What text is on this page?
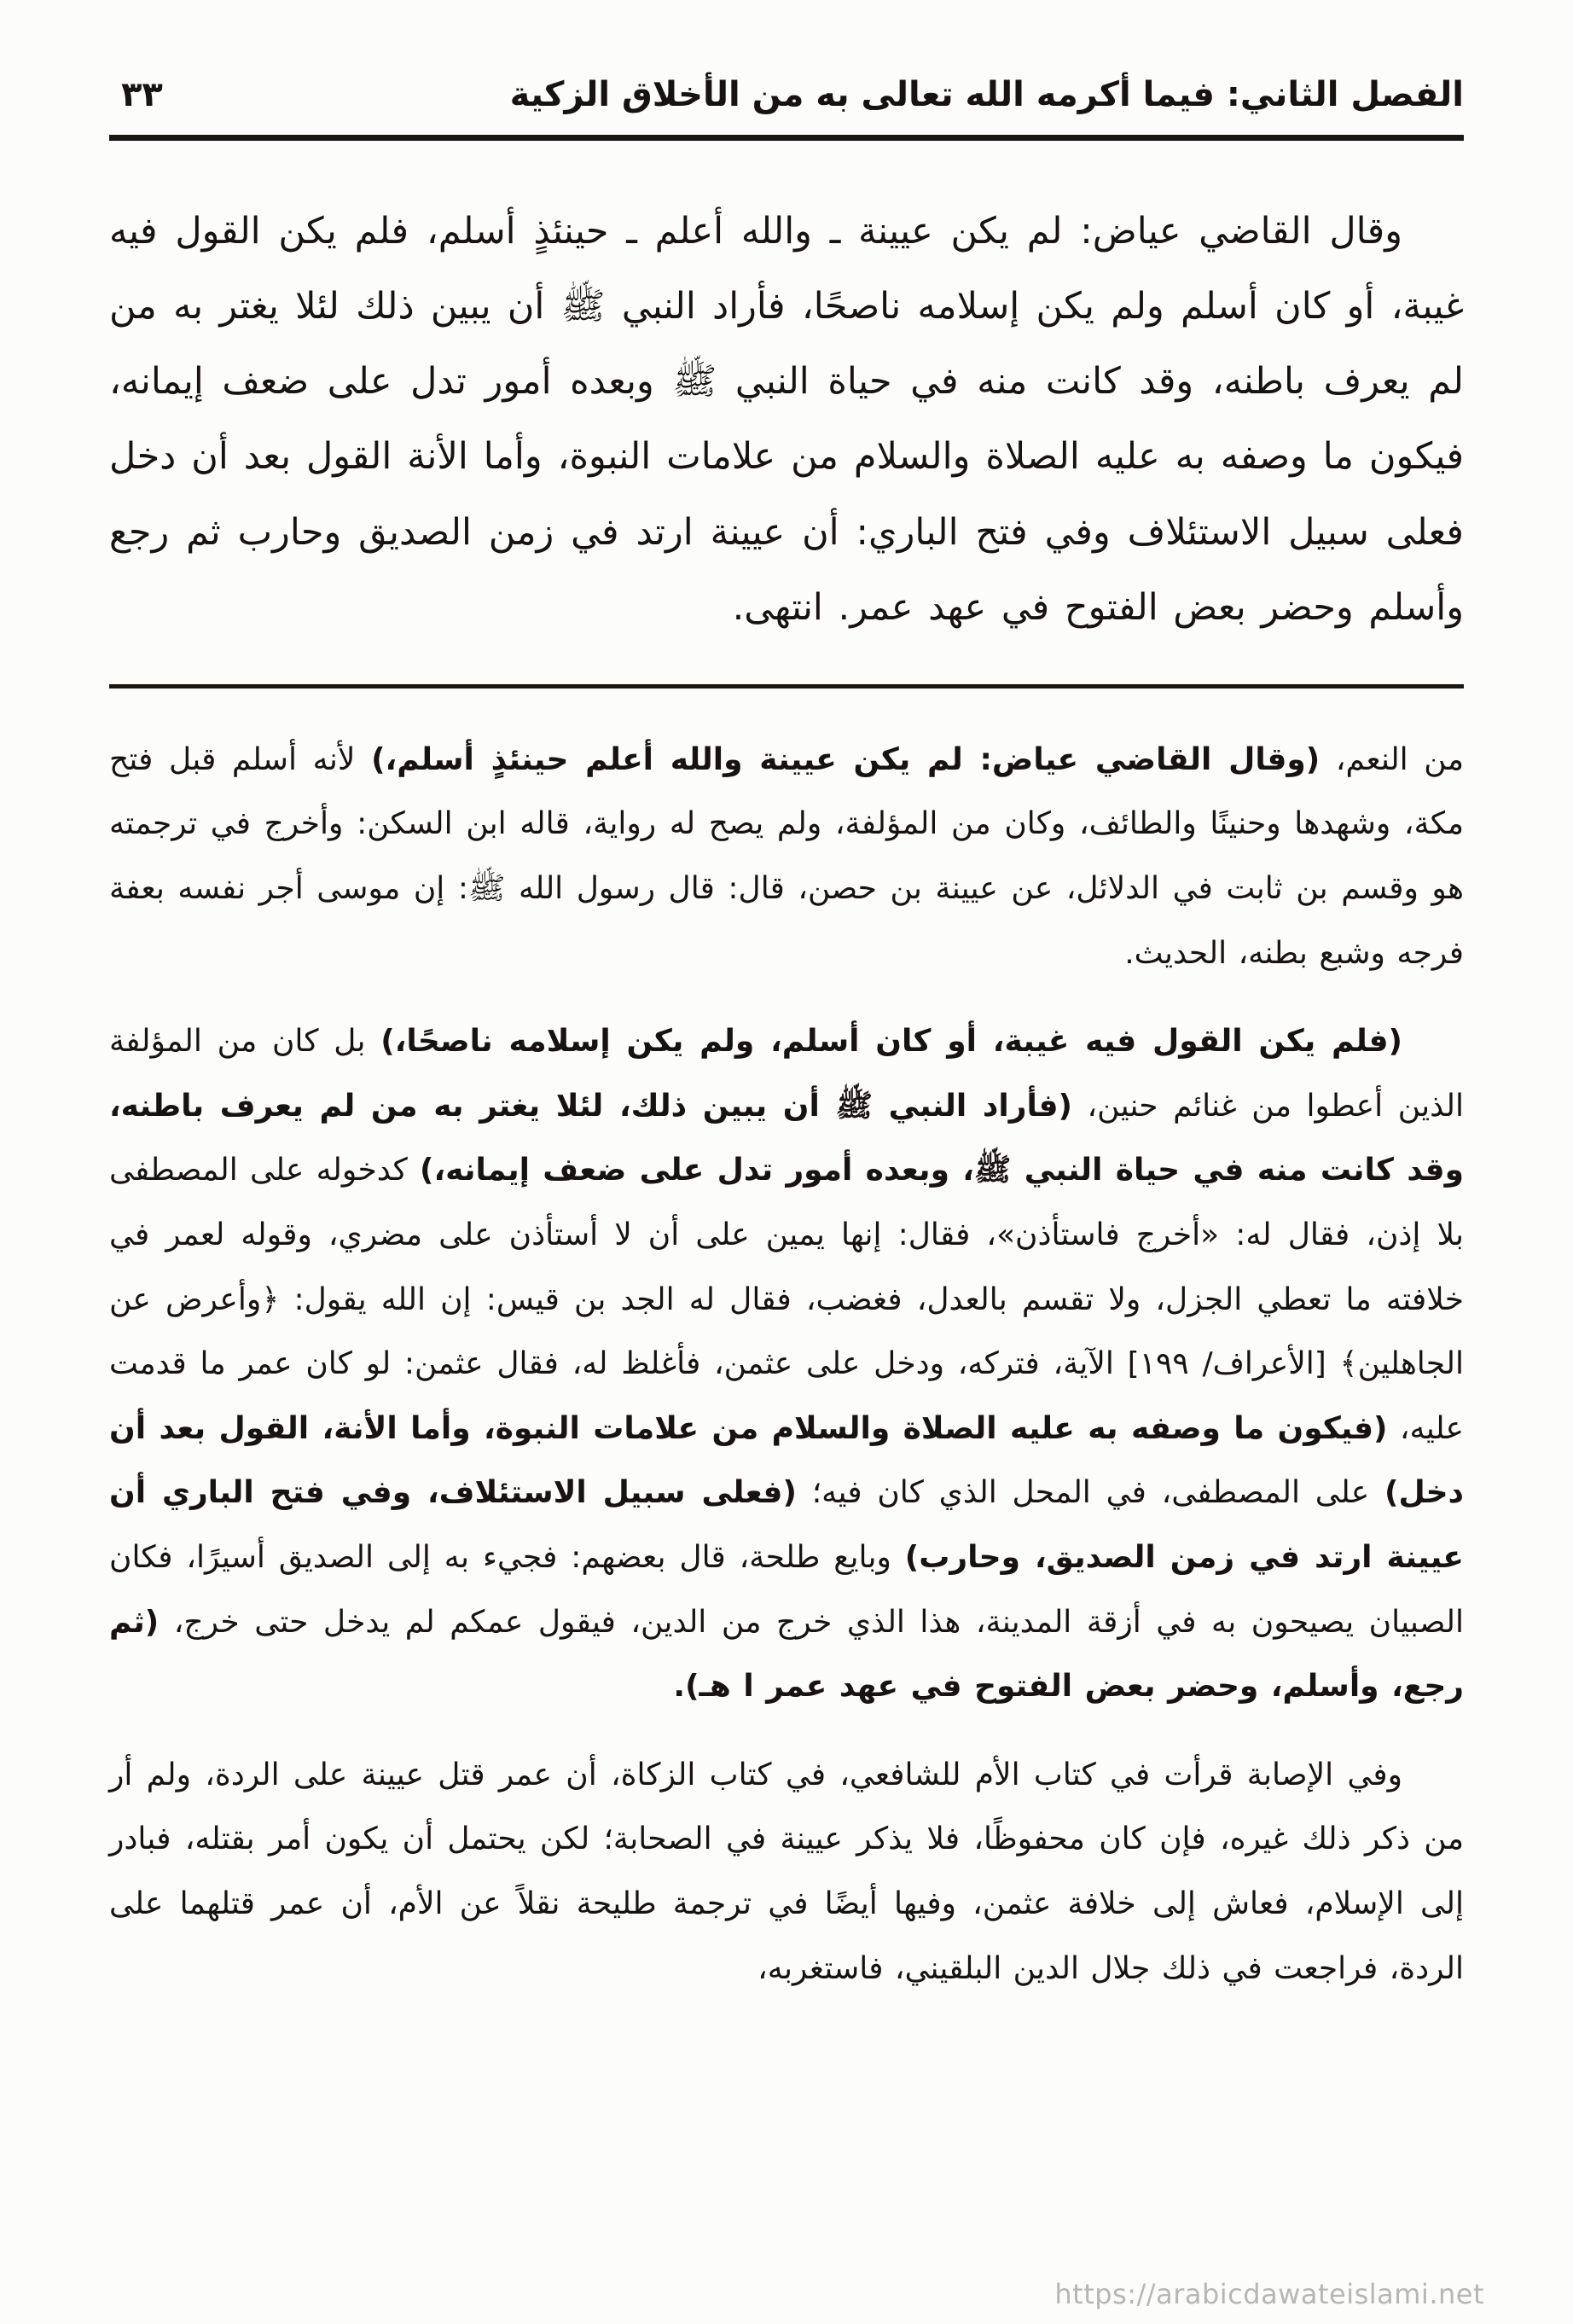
الفصل الثاني: فيما أكرمه الله تعالى به من الأخلاق الزكية
٣٣

وقال القاضي عياض: لم يكن عيينة ـ والله أعلم ـ حينئذٍ أسلم، فلم يكن القول فيه غيبة، أو كان أسلم ولم يكن إسلامه ناصحًا، فأراد النبي ﷺ أن يبين ذلك لئلا يغتر به من لم يعرف باطنه، وقد كانت منه في حياة النبي ﷺ وبعده أمور تدل على ضعف إيمانه، فيكون ما وصفه به عليه الصلاة والسلام من علامات النبوة، وأما الأنة القول بعد أن دخل فعلى سبيل الاستئلاف وفي فتح الباري: أن عيينة ارتد في زمن الصديق وحارب ثم رجع وأسلم وحضر بعض الفتوح في عهد عمر. انتهى.

من النعم، (وقال القاضي عياض: لم يكن عيينة والله أعلم حينئذٍ أسلم،) لأنه أسلم قبل فتح مكة، وشهدها وحنينًا والطائف، وكان من المؤلفة، ولم يصح له رواية، قاله ابن السكن: وأخرج في ترجمته هو وقسم بن ثابت في الدلائل، عن عيينة بن حصن، قال: قال رسول الله ﷺ: إن موسى أجر نفسه بعفة فرجه وشبع بطنه، الحديث.

(فلم يكن القول فيه غيبة، أو كان أسلم، ولم يكن إسلامه ناصحًا،) بل كان من المؤلفة الذين أعطوا من غنائم حنين، (فأراد النبي ﷺ أن يبين ذلك، لئلا يغتر به من لم يعرف باطنه، وقد كانت منه في حياة النبي ﷺ، وبعده أمور تدل على ضعف إيمانه،) كدخوله على المصطفى بلا إذن، فقال له: «أخرج فاستأذن»، فقال: إنها يمين على أن لا أستأذن على مضري، وقوله لعمر في خلافته ما تعطي الجزل، ولا تقسم بالعدل، فغضب، فقال له الجد بن قيس: إن الله يقول: ﴿وأعرض عن الجاهلين﴾ [الأعراف/ ١٩٩] الآية، فتركه، ودخل على عثمن، فأغلظ له، فقال عثمن: لو كان عمر ما قدمت عليه، (فيكون ما وصفه به عليه الصلاة والسلام من علامات النبوة، وأما الأنة، القول بعد أن دخل) على المصطفى، في المحل الذي كان فيه؛ (فعلى سبيل الاستئلاف، وفي فتح الباري أن عيينة ارتد في زمن الصديق، وحارب) وبايع طلحة، قال بعضهم: فجيء به إلى الصديق أسيرًا، فكان الصبيان يصيحون به في أزقة المدينة، هذا الذي خرج من الدين، فيقول عمكم لم يدخل حتى خرج، (ثم رجع، وأسلم، وحضر بعض الفتوح في عهد عمر ا هـ).

وفي الإصابة قرأت في كتاب الأم للشافعي، في كتاب الزكاة، أن عمر قتل عيينة على الردة، ولم أر من ذكر ذلك غيره، فإن كان محفوظًا، فلا يذكر عيينة في الصحابة؛ لكن يحتمل أن يكون أمر بقتله، فبادر إلى الإسلام، فعاش إلى خلافة عثمن، وفيها أيضًا في ترجمة طليحة نقلاً عن الأم، أن عمر قتلهما على الردة، فراجعت في ذلك جلال الدين البلقيني، فاستغربه،

https://arabicdawateislami.net
